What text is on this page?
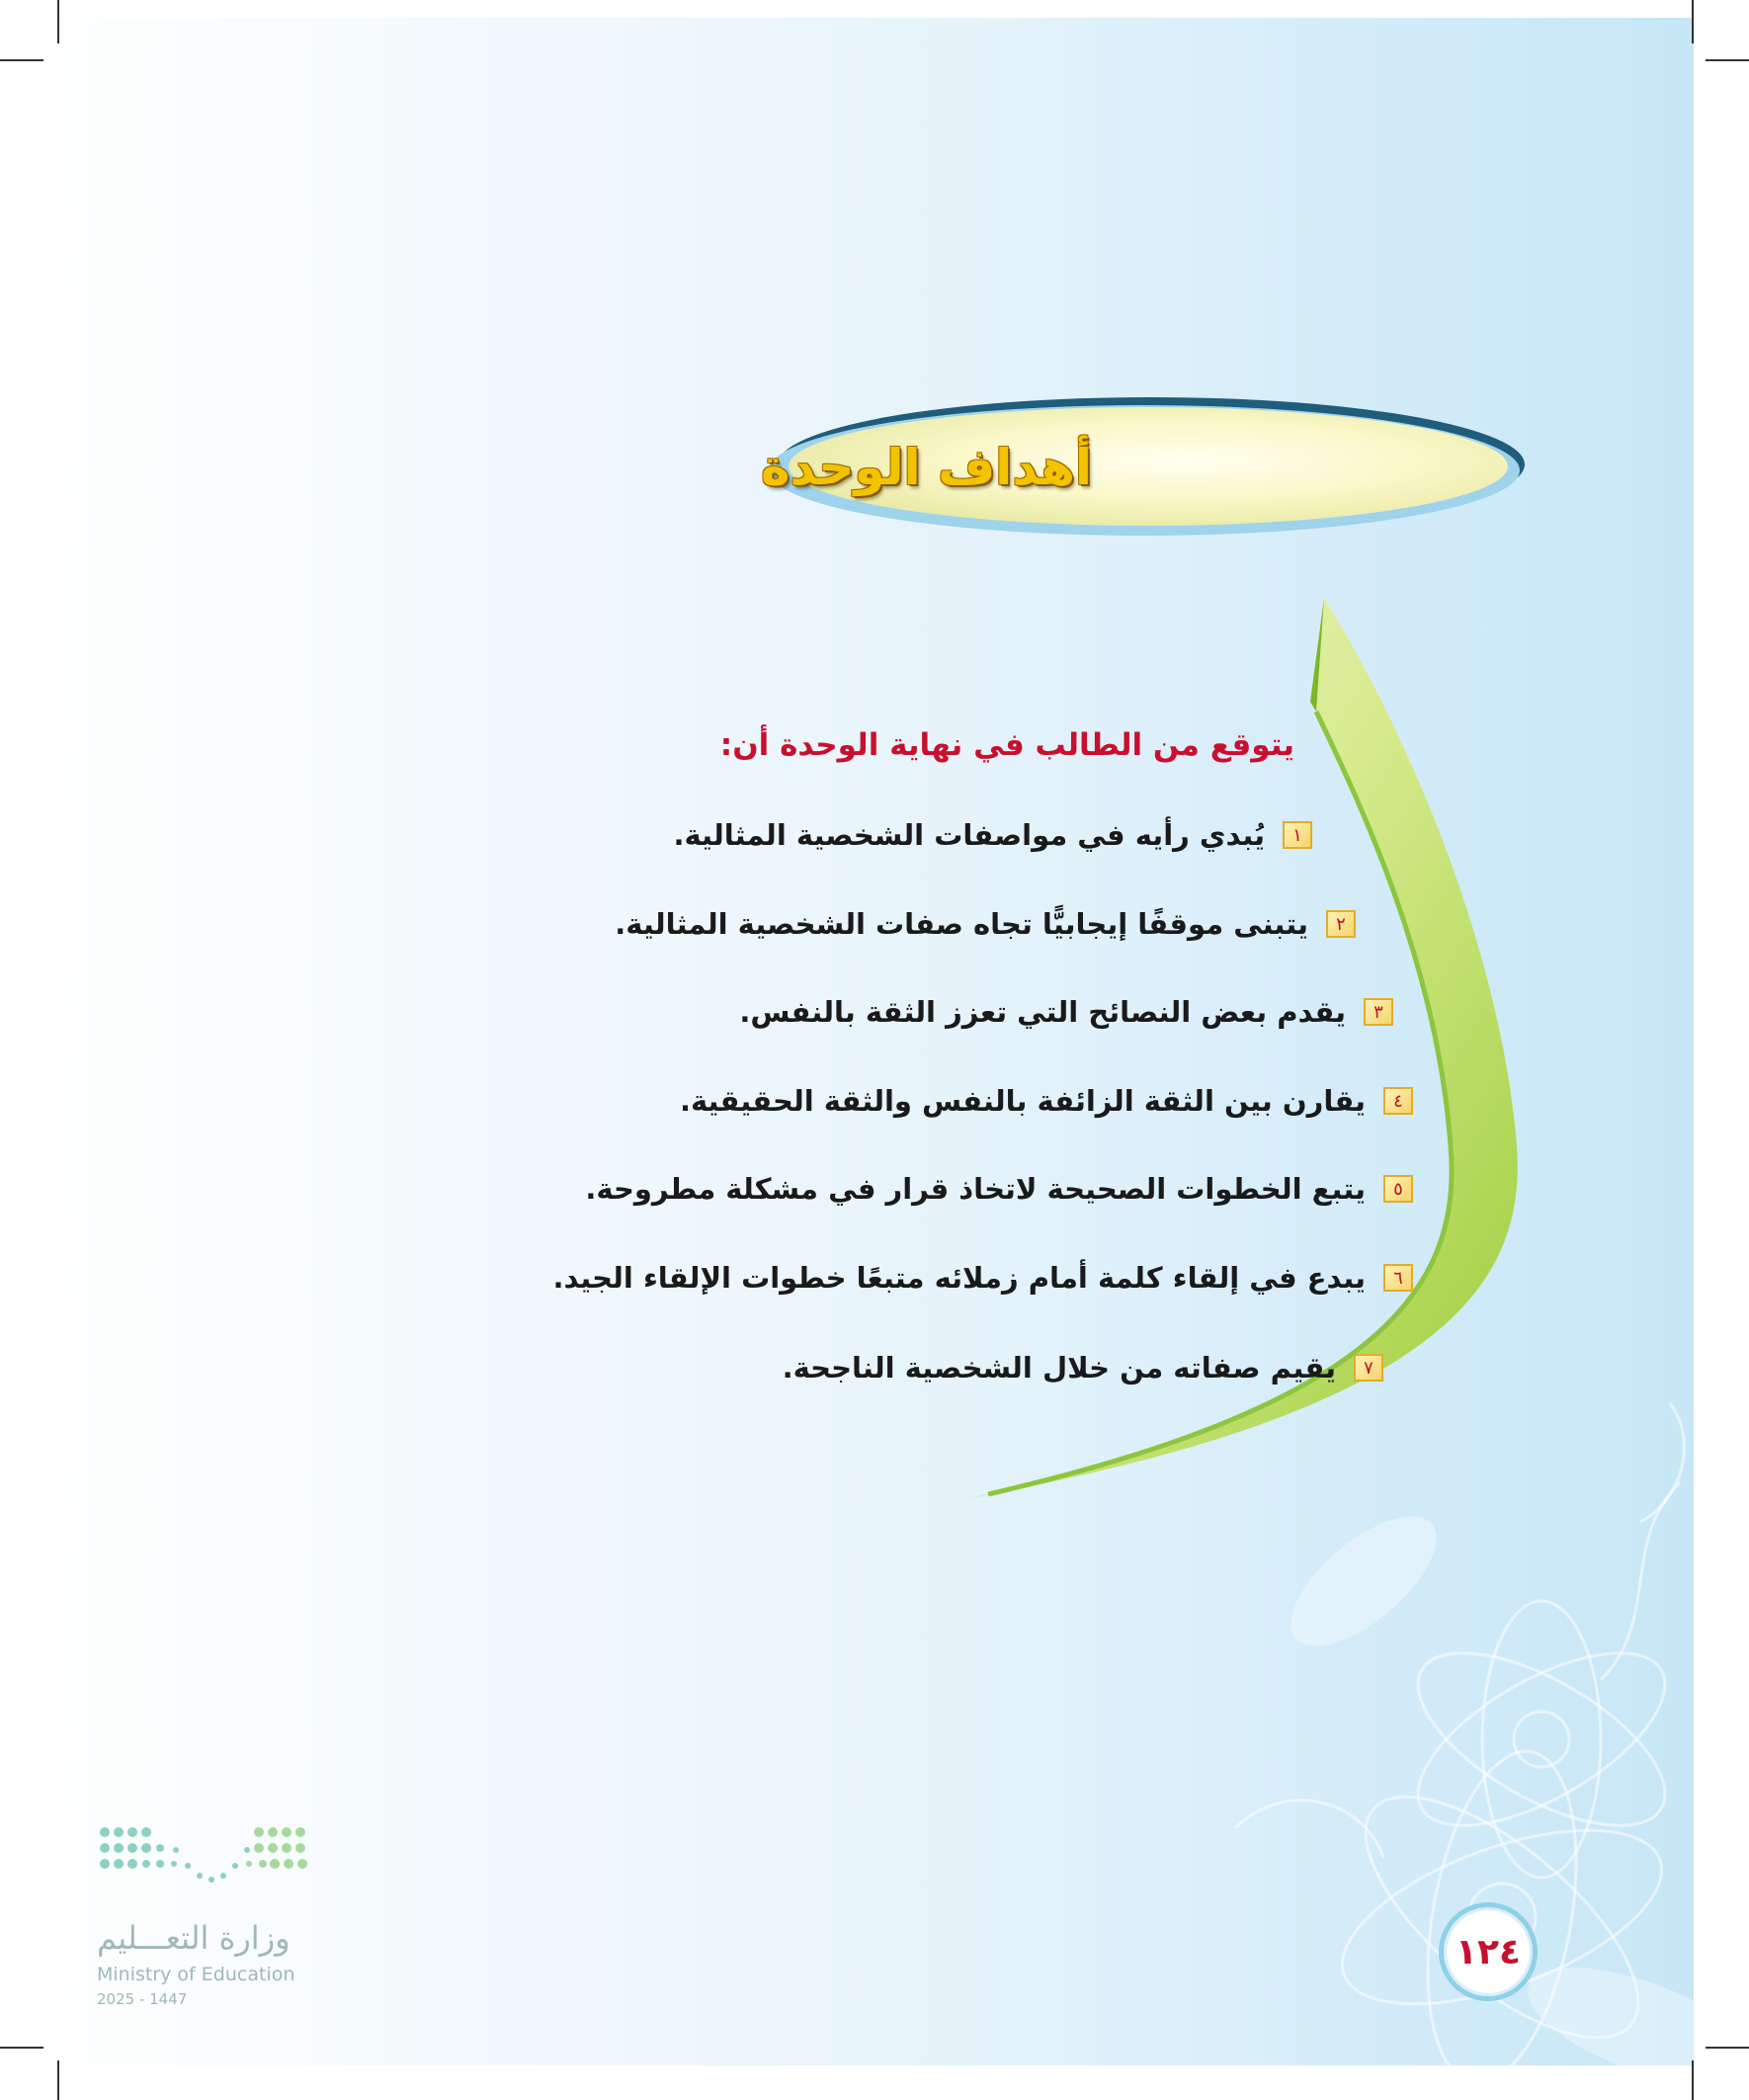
أهداف الوحدة
يتوقع من الطالب في نهاية الوحدة أن:
١
يُبدي رأيه في مواصفات الشخصية المثالية.
٢
يتبنى موقفًا إيجابيًّا تجاه صفات الشخصية المثالية.
٣
يقدم بعض النصائح التي تعزز الثقة بالنفس.
٤
يقارن بين الثقة الزائفة بالنفس والثقة الحقيقية.
٥
يتبع الخطوات الصحيحة لاتخاذ قرار في مشكلة مطروحة.
٦
يبدع في إلقاء كلمة أمام زملائه متبعًا خطوات الإلقاء الجيد.
٧
يقيم صفاته من خلال الشخصية الناجحة.
وزارة التعـــليم
Ministry of Education
2025 - 1447
١٢٤
